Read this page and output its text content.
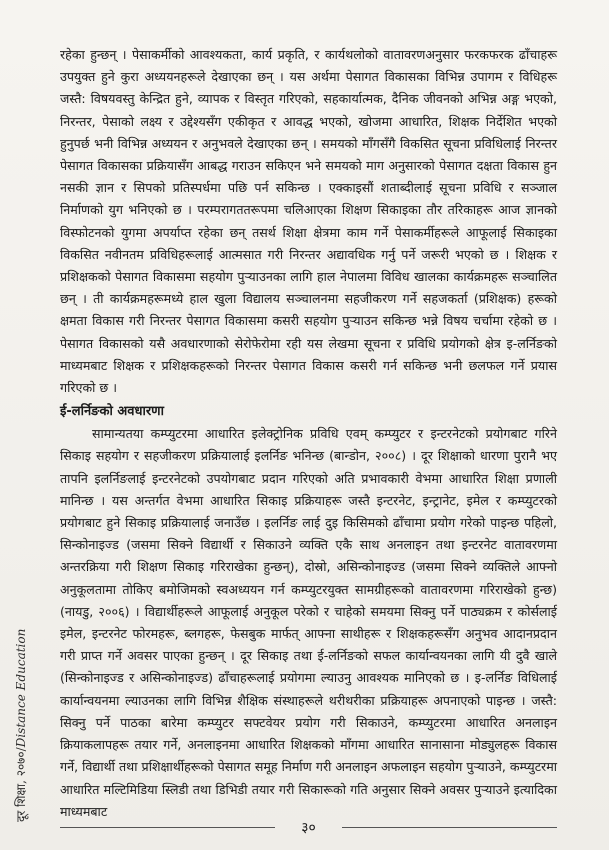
रहेका हुन्छन् । पेसाकर्मीको आवश्यकता, कार्य प्रकृति, र कार्यथलोको वातावरणअनुसार फरकफरक ढाँचाहरू उपयुक्त हुने कुरा अध्ययनहरूले देखाएका छन् । यस अर्थमा पेसागत विकासका विभिन्न उपागम र विधिहरू जस्तै: विषयवस्तु केन्द्रित हुने, व्यापक र विस्तृत गरिएको, सहकार्यात्मक, दैनिक जीवनको अभिन्न अङ्ग भएको, निरन्तर, पेसाको लक्ष्य र उद्देश्यसँग एकीकृत र आवद्ध भएको, खोजमा आधारित, शिक्षक निर्देशित भएको हुनुपर्छ भनी विभिन्न अध्ययन र अनुभवले देखाएका छन् । समयको माँगसँगै विकसित सूचना प्रविधिलाई निरन्तर पेसागत विकासका प्रक्रियासँग आबद्ध गराउन सकिएन भने समयको माग अनुसारको पेसागत दक्षता विकास हुन नसकी ज्ञान र सिपको प्रतिस्पर्धमा पछि पर्न सकिन्छ । एक्काइसौं शताब्दीलाई सूचना प्रविधि र सञ्जाल निर्माणको युग भनिएको छ । परम्परागततरूपमा चलिआएका शिक्षण सिकाइका तौर तरिकाहरू आज ज्ञानको विस्फोटनको युगमा अपर्याप्त रहेका छन् तसर्थ शिक्षा क्षेत्रमा काम गर्ने पेसाकर्मीहरूले आफूलाई सिकाइका विकसित नवीनतम प्रविधिहरूलाई आत्मसात गरी निरन्तर अद्यावधिक गर्नु पर्ने जरूरी भएको छ । शिक्षक र प्रशिक्षकको पेसागत विकासमा सहयोग पुऱ्याउनका लागि हाल नेपालमा विविध खालका कार्यक्रमहरू सञ्चालित छन् । ती कार्यक्रमहरूमध्ये हाल खुला विद्यालय सञ्चालनमा सहजीकरण गर्ने सहजकर्ता (प्रशिक्षक) हरूको क्षमता विकास गरी निरन्तर पेसागत विकासमा कसरी सहयोग पुऱ्याउन सकिन्छ भन्ने विषय चर्चामा रहेको छ । पेसागत विकासको यसै अवधारणाको सेरोफेरोमा रही यस लेखमा सूचना र प्रविधि प्रयोगको क्षेत्र इ-लर्निङको माध्यमबाट शिक्षक र प्रशिक्षकहरूको निरन्तर पेसागत विकास कसरी गर्न सकिन्छ भनी छलफल गर्ने प्रयास गरिएको छ ।

ई-लर्निङको अवधारणा

सामान्यतया कम्प्युटरमा आधारित इलेक्ट्रोनिक प्रविधि एवम् कम्प्युटर र इन्टरनेटको प्रयोगबाट गरिने सिकाइ सहयोग र सहजीकरण प्रक्रियालाई इलर्निङ भनिन्छ (बान्डोन, २००८) । दूर शिक्षाको धारणा पुरानै भए तापनि इलर्निङलाई इन्टरनेटको उपयोगबाट प्रदान गरिएको अति प्रभावकारी वेभमा आधारित शिक्षा प्रणाली मानिन्छ । यस अन्तर्गत वेभमा आधारित सिकाइ प्रक्रियाहरू जस्तै इन्टरनेट, इन्ट्रानेट, इमेल र कम्प्युटरको प्रयोगबाट हुने सिकाइ प्रक्रियालाई जनाउँछ । इलर्निङ लाई दुइ किसिमको ढाँचामा प्रयोग गरेको पाइन्छ पहिलो, सिन्कोनाइज्ड (जसमा सिक्ने विद्यार्थी र सिकाउने व्यक्ति एकै साथ अनलाइन तथा इन्टरनेट वातावरणमा अन्तरक्रिया गरी शिक्षण सिकाइ गरिराखेका हुन्छन्), दोस्रो, असिन्कोनाइज्ड (जसमा सिक्ने व्यक्तिले आफ्नो अनुकूलतामा तोकिए बमोजिमको स्वअध्ययन गर्न कम्प्युटरयुक्त सामग्रीहरूको वातावरणमा गरिराखेको हुन्छ) (नायडु, २००६) । विद्यार्थीहरूले आफूलाई अनुकूल परेको र चाहेको समयमा सिक्नु पर्ने पाठ्यक्रम र कोर्सलाई इमेल, इन्टरनेट फोरमहरू, ब्लगहरू, फेसबुक मार्फत् आफ्ना साथीहरू र शिक्षकहरूसँग अनुभव आदानप्रदान गरी प्राप्त गर्ने अवसर पाएका हुन्छन् । दूर सिकाइ तथा ई-लर्निङको सफल कार्यान्वयनका लागि यी दुवै खाले (सिन्कोनाइज्ड र असिन्कोनाइज्ड) ढाँचाहरूलाई प्रयोगमा ल्याउनु आवश्यक मानिएको छ । इ-लर्निङ विधिलाई कार्यान्वयनमा ल्याउनका लागि विभिन्न शैक्षिक संस्थाहरूले थरीथरीका प्रक्रियाहरू अपनाएको पाइन्छ । जस्तै: सिक्नु पर्ने पाठका बारेमा कम्प्युटर सफ्टवेयर प्रयोग गरी सिकाउने, कम्प्युटरमा आधारित अनलाइन क्रियाकलापहरू तयार गर्ने, अनलाइनमा आधारित शिक्षकको माँगमा आधारित सानासाना मोड्युलहरू विकास गर्ने, विद्यार्थी तथा प्रशिक्षार्थीहरूको पेसागत समूह निर्माण गरी अनलाइन अफलाइन सहयोग पुऱ्याउने, कम्प्युटरमा आधारित मल्टिमिडिया स्लिडी तथा डिभिडी तयार गरी सिकारूको गति अनुसार सिक्ने अवसर पुऱ्याउने इत्यादिका माध्यमबाट

दूर शिक्षा, २०७०/Distance Education
३०
